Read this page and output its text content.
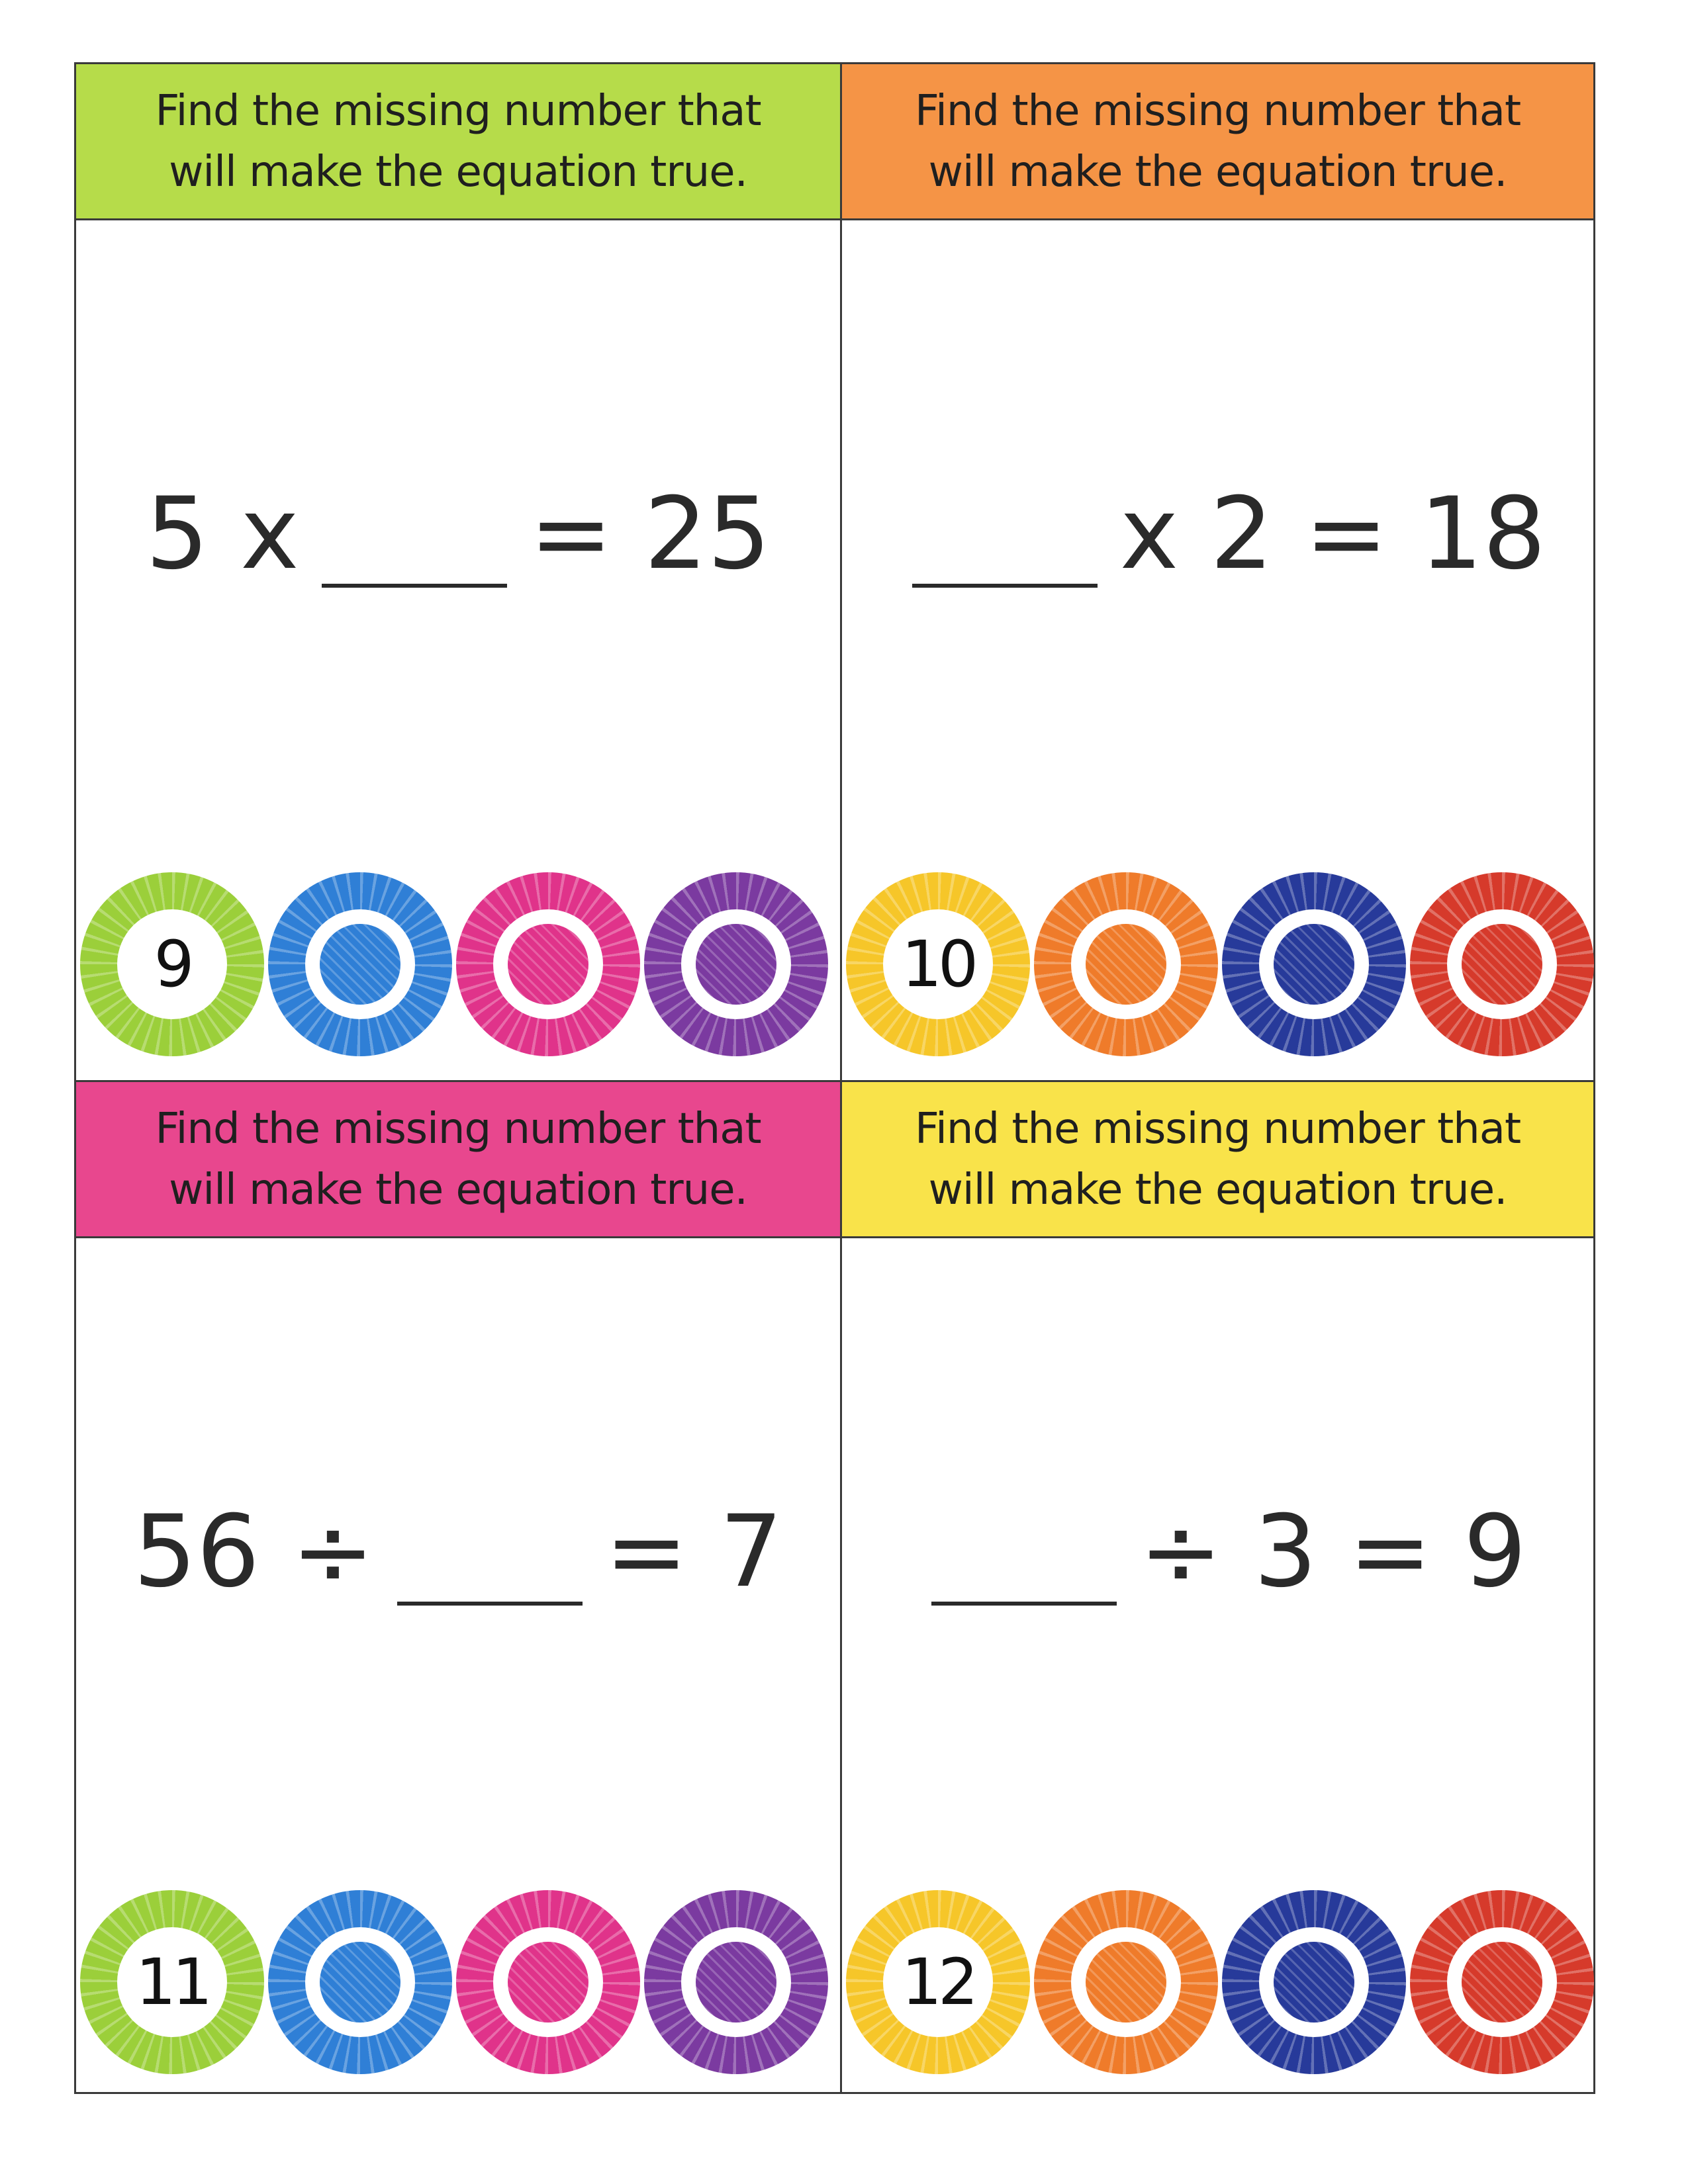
Find the missing number that will make the equation true.
5 x = 25
9
Find the missing number that will make the equation true.
x 2 = 18
10
Find the missing number that will make the equation true.
56 ÷ = 7
11
Find the missing number that will make the equation true.
÷ 3 = 9
12
